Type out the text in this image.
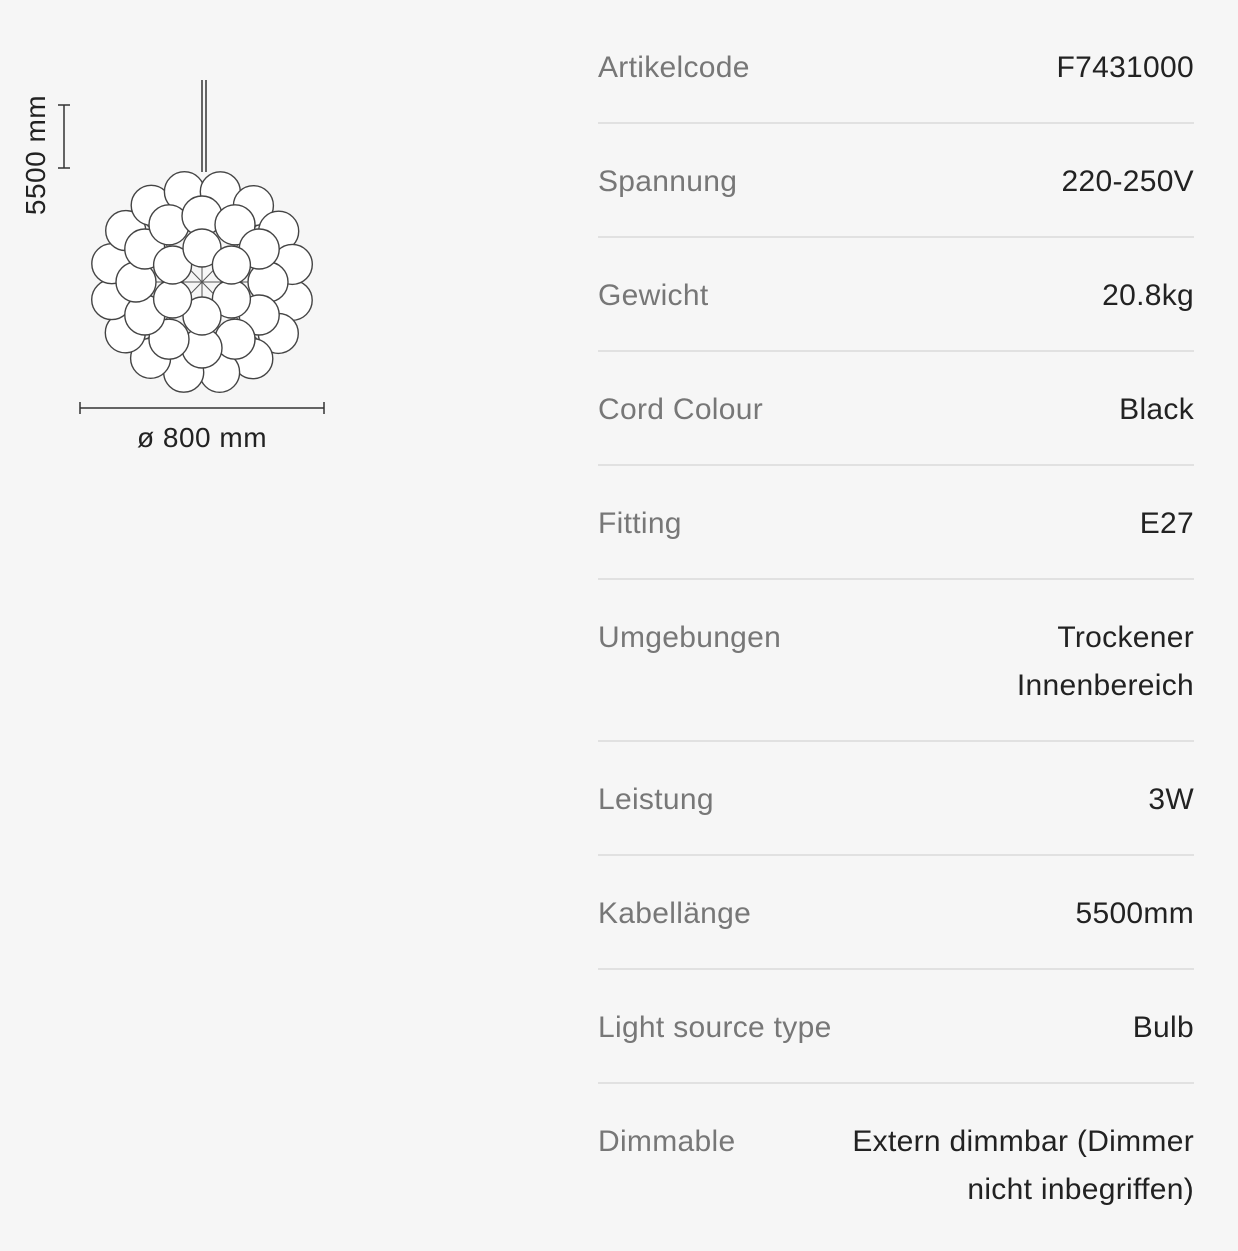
5500 mm
ø 800 mm
Artikelcode	F7431000
Spannung	220-250V
Gewicht	20.8kg
Cord Colour	Black
Fitting	E27
Umgebungen	Trockener Innenbereich
Leistung	3W
Kabellänge	5500mm
Light source type	Bulb
Dimmable	Extern dimmbar (Dimmer nicht inbegriffen)
